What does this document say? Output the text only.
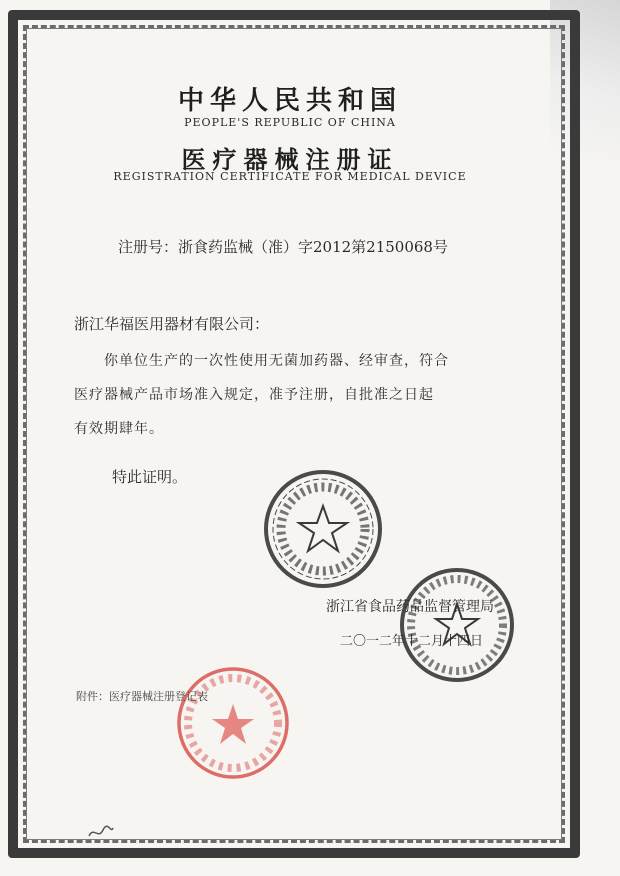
中华人民共和国
PEOPLE'S REPUBLIC OF CHINA
医疗器械注册证
REGISTRATION CERTIFICATE FOR MEDICAL DEVICE
注册号：浙食药监械（准）字2012第2150068号
浙江华福医用器材有限公司：
你单位生产的一次性使用无菌加药器、经审查，符合
医疗器械产品市场准入规定，准予注册，自批准之日起
有效期肆年。
特此证明。
浙江省食品药品监督管理局
二〇一二年十二月十四日
附件：医疗器械注册登记表
